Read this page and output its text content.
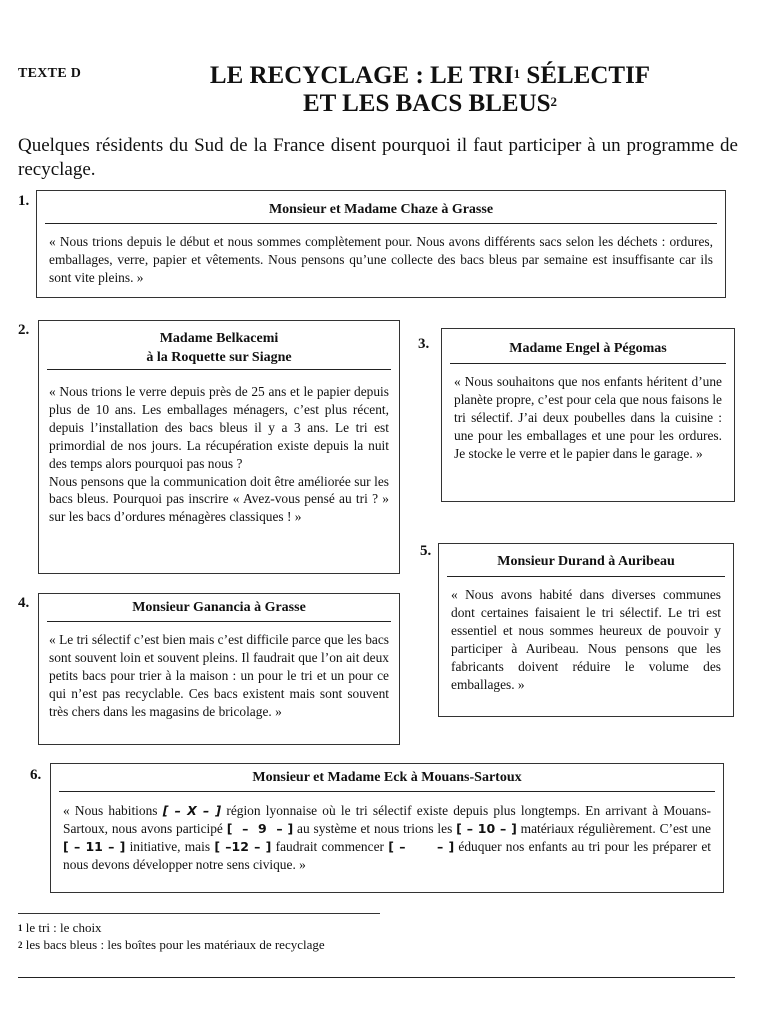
TEXTE D	LE RECYCLAGE : LE TRI$^1$ SÉLECTIF
ET LES BACS BLEUS$^2$
Quelques résidents du Sud de la France disent pourquoi il faut participer à un programme de recyclage.
1.
Monsieur et Madame Chaze à Grasse
« Nous trions depuis le début et nous sommes complètement pour. Nous avons différents sacs selon les déchets : ordures, emballages, verre, papier et vêtements. Nous pensons qu’une collecte des bacs bleus par semaine est insuffisante car ils sont vite pleins. »
2.
Madame Belkacemi
à la Roquette sur Siagne
« Nous trions le verre depuis près de 25 ans et le papier depuis plus de 10 ans. Les emballages ménagers, c’est plus récent, depuis l’installation des bacs bleus il y a 3 ans. Le tri est primordial de nos jours. La récupération existe depuis la nuit des temps alors pourquoi pas nous ?
Nous pensons que la communication doit être améliorée sur les bacs bleus. Pourquoi pas inscrire « Avez-vous pensé au tri ? » sur les bacs d’ordures ménagères classiques ! »
3.	Madame Engel à Pégomas
« Nous souhaitons que nos enfants héritent d’une planète propre, c’est pour cela que nous faisons le tri sélectif. J’ai deux poubelles dans la cuisine : une pour les emballages et une pour les ordures. Je stocke le verre et le papier dans le garage. »
4.	Monsieur Ganancia à Grasse
« Le tri sélectif c’est bien mais c’est difficile parce que les bacs sont souvent loin et souvent pleins. Il faudrait que l’on ait deux petits bacs pour trier à la maison : un pour le tri et un pour ce qui n’est pas recyclable. Ces bacs existent mais sont souvent très chers dans les magasins de bricolage. »
5.
Monsieur Durand à Auribeau
« Nous avons habité dans diverses communes dont certaines faisaient le tri sélectif. Le tri est essentiel et nous sommes heureux de pouvoir y participer à Auribeau. Nous pensons que les fabricants doivent réduire le volume des emballages. »
6.	Monsieur et Madame Eck à Mouans-Sartoux
« Nous habitions [ – X – ] région lyonnaise où le tri sélectif existe depuis plus longtemps. En arrivant à Mouans-Sartoux, nous avons participé [  –  9  – ] au système et nous trions les [ – 10 – ] matériaux régulièrement. C’est une [ – 11 – ] initiative, mais [ –12 – ] faudrait commencer [ –      – ] éduquer nos enfants au tri pour les préparer et nous devons développer notre sens civique. »
$^1$ le tri : le choix
$^2$ les bacs bleus : les boîtes pour les matériaux de recyclage
